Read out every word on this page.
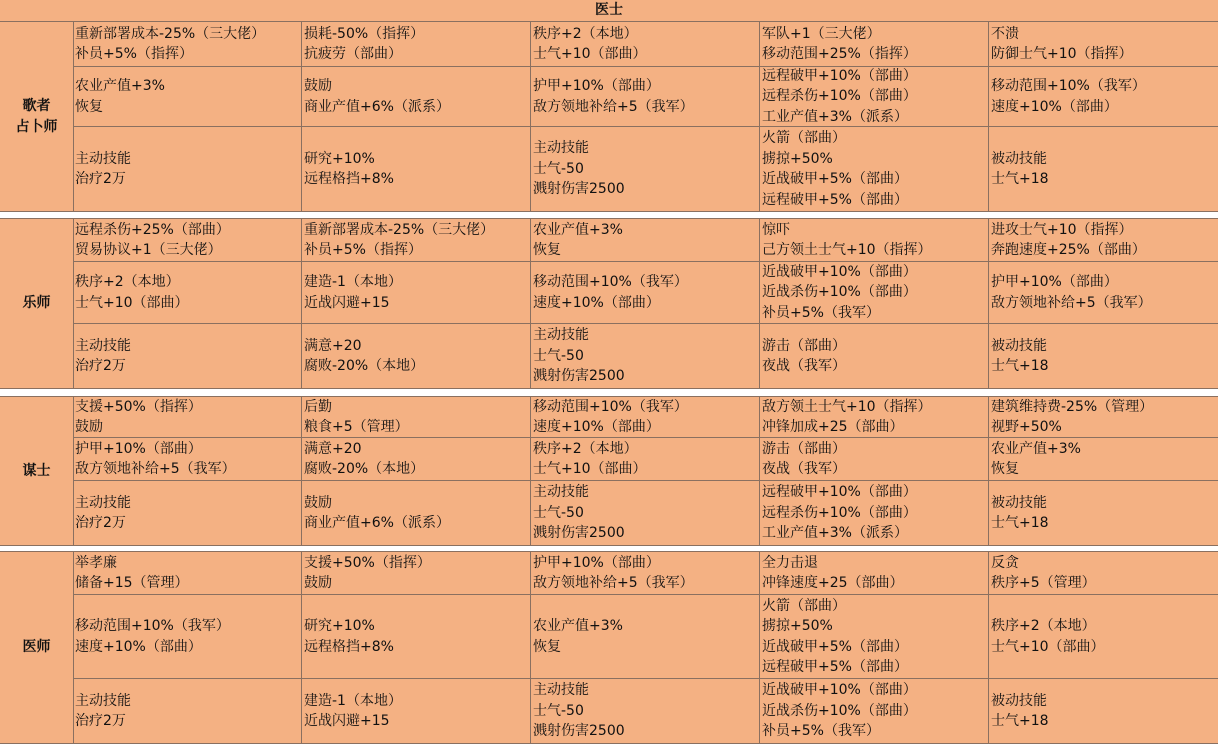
医士
歌者
占卜师
重新部署成本-25%（三大佬）
补员+5%（指挥）
损耗-50%（指挥）
抗疲劳（部曲）
秩序+2（本地）
士气+10（部曲）
军队+1（三大佬）
移动范围+25%（指挥）
不溃
防御士气+10（指挥）
农业产值+3%
恢复
鼓励
商业产值+6%（派系）
护甲+10%（部曲）
敌方领地补给+5（我军）
远程破甲+10%（部曲）
远程杀伤+10%（部曲）
工业产值+3%（派系）
移动范围+10%（我军）
速度+10%（部曲）
主动技能
治疗2万
研究+10%
远程格挡+8%
主动技能
士气-50
溅射伤害2500
火箭（部曲）
掳掠+50%
近战破甲+5%（部曲）
远程破甲+5%（部曲）
被动技能
士气+18
乐师
远程杀伤+25%（部曲）
贸易协议+1（三大佬）
重新部署成本-25%（三大佬）
补员+5%（指挥）
农业产值+3%
恢复
惊吓
己方领土士气+10（指挥）
进攻士气+10（指挥）
奔跑速度+25%（部曲）
秩序+2（本地）
士气+10（部曲）
建造-1（本地）
近战闪避+15
移动范围+10%（我军）
速度+10%（部曲）
近战破甲+10%（部曲）
近战杀伤+10%（部曲）
补员+5%（我军）
护甲+10%（部曲）
敌方领地补给+5（我军）
主动技能
治疗2万
满意+20
腐败-20%（本地）
主动技能
士气-50
溅射伤害2500
游击（部曲）
夜战（我军）
被动技能
士气+18
谋士
支援+50%（指挥）
鼓励
后勤
粮食+5（管理）
移动范围+10%（我军）
速度+10%（部曲）
敌方领土士气+10（指挥）
冲锋加成+25（部曲）
建筑维持费-25%（管理）
视野+50%
护甲+10%（部曲）
敌方领地补给+5（我军）
满意+20
腐败-20%（本地）
秩序+2（本地）
士气+10（部曲）
游击（部曲）
夜战（我军）
农业产值+3%
恢复
主动技能
治疗2万
鼓励
商业产值+6%（派系）
主动技能
士气-50
溅射伤害2500
远程破甲+10%（部曲）
远程杀伤+10%（部曲）
工业产值+3%（派系）
被动技能
士气+18
医师
举孝廉
储备+15（管理）
支援+50%（指挥）
鼓励
护甲+10%（部曲）
敌方领地补给+5（我军）
全力击退
冲锋速度+25（部曲）
反贪
秩序+5（管理）
移动范围+10%（我军）
速度+10%（部曲）
研究+10%
远程格挡+8%
农业产值+3%
恢复
火箭（部曲）
掳掠+50%
近战破甲+5%（部曲）
远程破甲+5%（部曲）
秩序+2（本地）
士气+10（部曲）
主动技能
治疗2万
建造-1（本地）
近战闪避+15
主动技能
士气-50
溅射伤害2500
近战破甲+10%（部曲）
近战杀伤+10%（部曲）
补员+5%（我军）
被动技能
士气+18
